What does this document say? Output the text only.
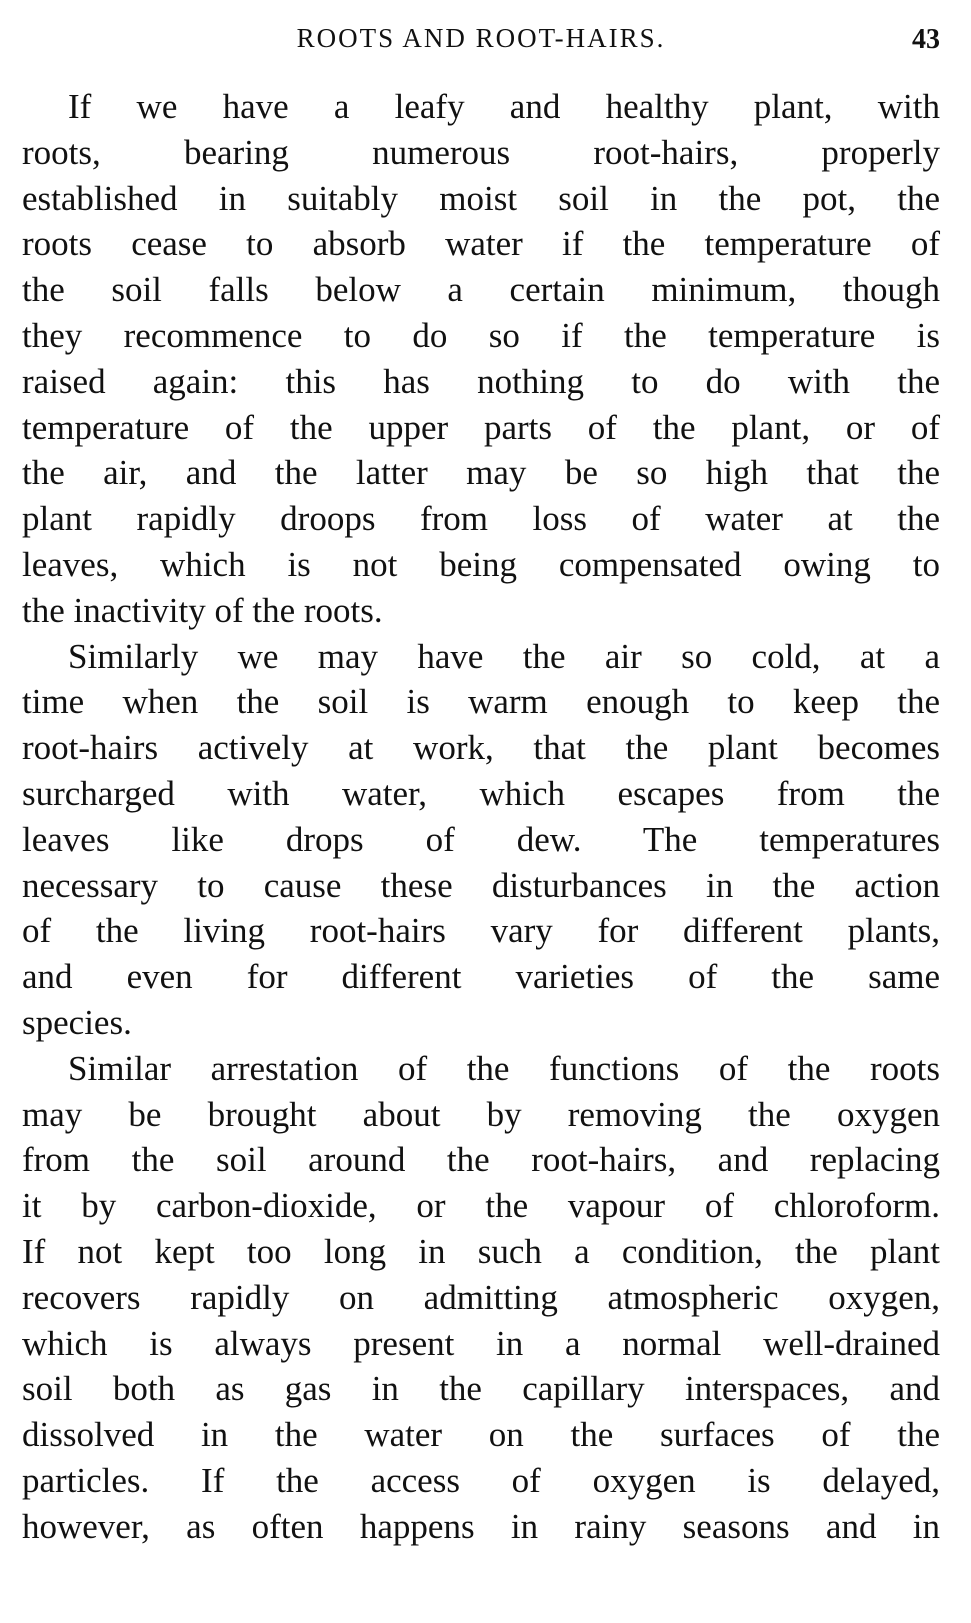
ROOTS AND ROOT-HAIRS.	43
If we have a leafy and healthy plant, with
roots, bearing numerous root-hairs, properly
established in suitably moist soil in the pot, the
roots cease to absorb water if the temperature of
the soil falls below a certain minimum, though
they recommence to do so if the temperature is
raised again: this has nothing to do with the
temperature of the upper parts of the plant, or of
the air, and the latter may be so high that the
plant rapidly droops from loss of water at the
leaves, which is not being compensated owing to
the inactivity of the roots.
Similarly we may have the air so cold, at a
time when the soil is warm enough to keep the
root-hairs actively at work, that the plant becomes
surcharged with water, which escapes from the
leaves like drops of dew. The temperatures
necessary to cause these disturbances in the action
of the living root-hairs vary for different plants,
and even for different varieties of the same
species.
Similar arrestation of the functions of the roots
may be brought about by removing the oxygen
from the soil around the root-hairs, and replacing
it by carbon-dioxide, or the vapour of chloroform.
If not kept too long in such a condition, the plant
recovers rapidly on admitting atmospheric oxygen,
which is always present in a normal well-drained
soil both as gas in the capillary interspaces, and
dissolved in the water on the surfaces of the
particles. If the access of oxygen is delayed,
however, as often happens in rainy seasons and in
